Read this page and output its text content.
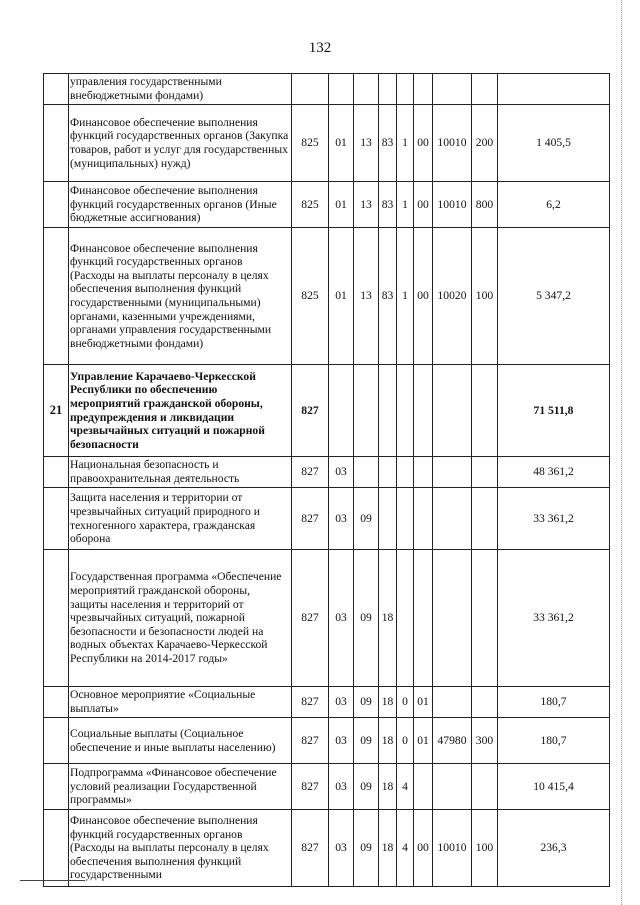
132
	управления государственными внебюджетными фондами)									
	Финансовое обеспечение выполнения функций государственных органов (Закупка товаров, работ и услуг для государственных (муниципальных) нужд)	825	01	13	83	1	00	10010	200	1 405,5
	Финансовое обеспечение выполнения функций государственных органов (Иные бюджетные ассигнования)	825	01	13	83	1	00	10010	800	6,2
	Финансовое обеспечение выполнения функций государственных органов (Расходы на выплаты персоналу в целях обеспечения выполнения функций государственными (муниципальными) органами, казенными учреждениями, органами управления государственными внебюджетными фондами)	825	01	13	83	1	00	10020	100	5 347,2
21	Управление Карачаево-Черкесской Республики по обеспечению мероприятий гражданской обороны, предупреждения и ликвидации чрезвычайных ситуаций и пожарной безопасности	827								71 511,8
	Национальная безопасность и правоохранительная деятельность	827	03							48 361,2
	Защита населения и территории от чрезвычайных ситуаций природного и техногенного характера, гражданская оборона	827	03	09						33 361,2
	Государственная программа «Обеспечение мероприятий гражданской обороны, защиты населения и территорий от чрезвычайных ситуаций, пожарной безопасности и безопасности людей на водных объектах Карачаево-Черкесской Республики на 2014-2017 годы»	827	03	09	18					33 361,2
	Основное мероприятие «Социальные выплаты»	827	03	09	18	0	01			180,7
	Социальные выплаты (Социальное обеспечение и иные выплаты населению)	827	03	09	18	0	01	47980	300	180,7
	Подпрограмма «Финансовое обеспечение условий реализации Государственной программы»	827	03	09	18	4				10 415,4
	Финансовое обеспечение выполнения функций государственных органов (Расходы на выплаты персоналу в целях обеспечения выполнения функций государственными	827	03	09	18	4	00	10010	100	236,3
